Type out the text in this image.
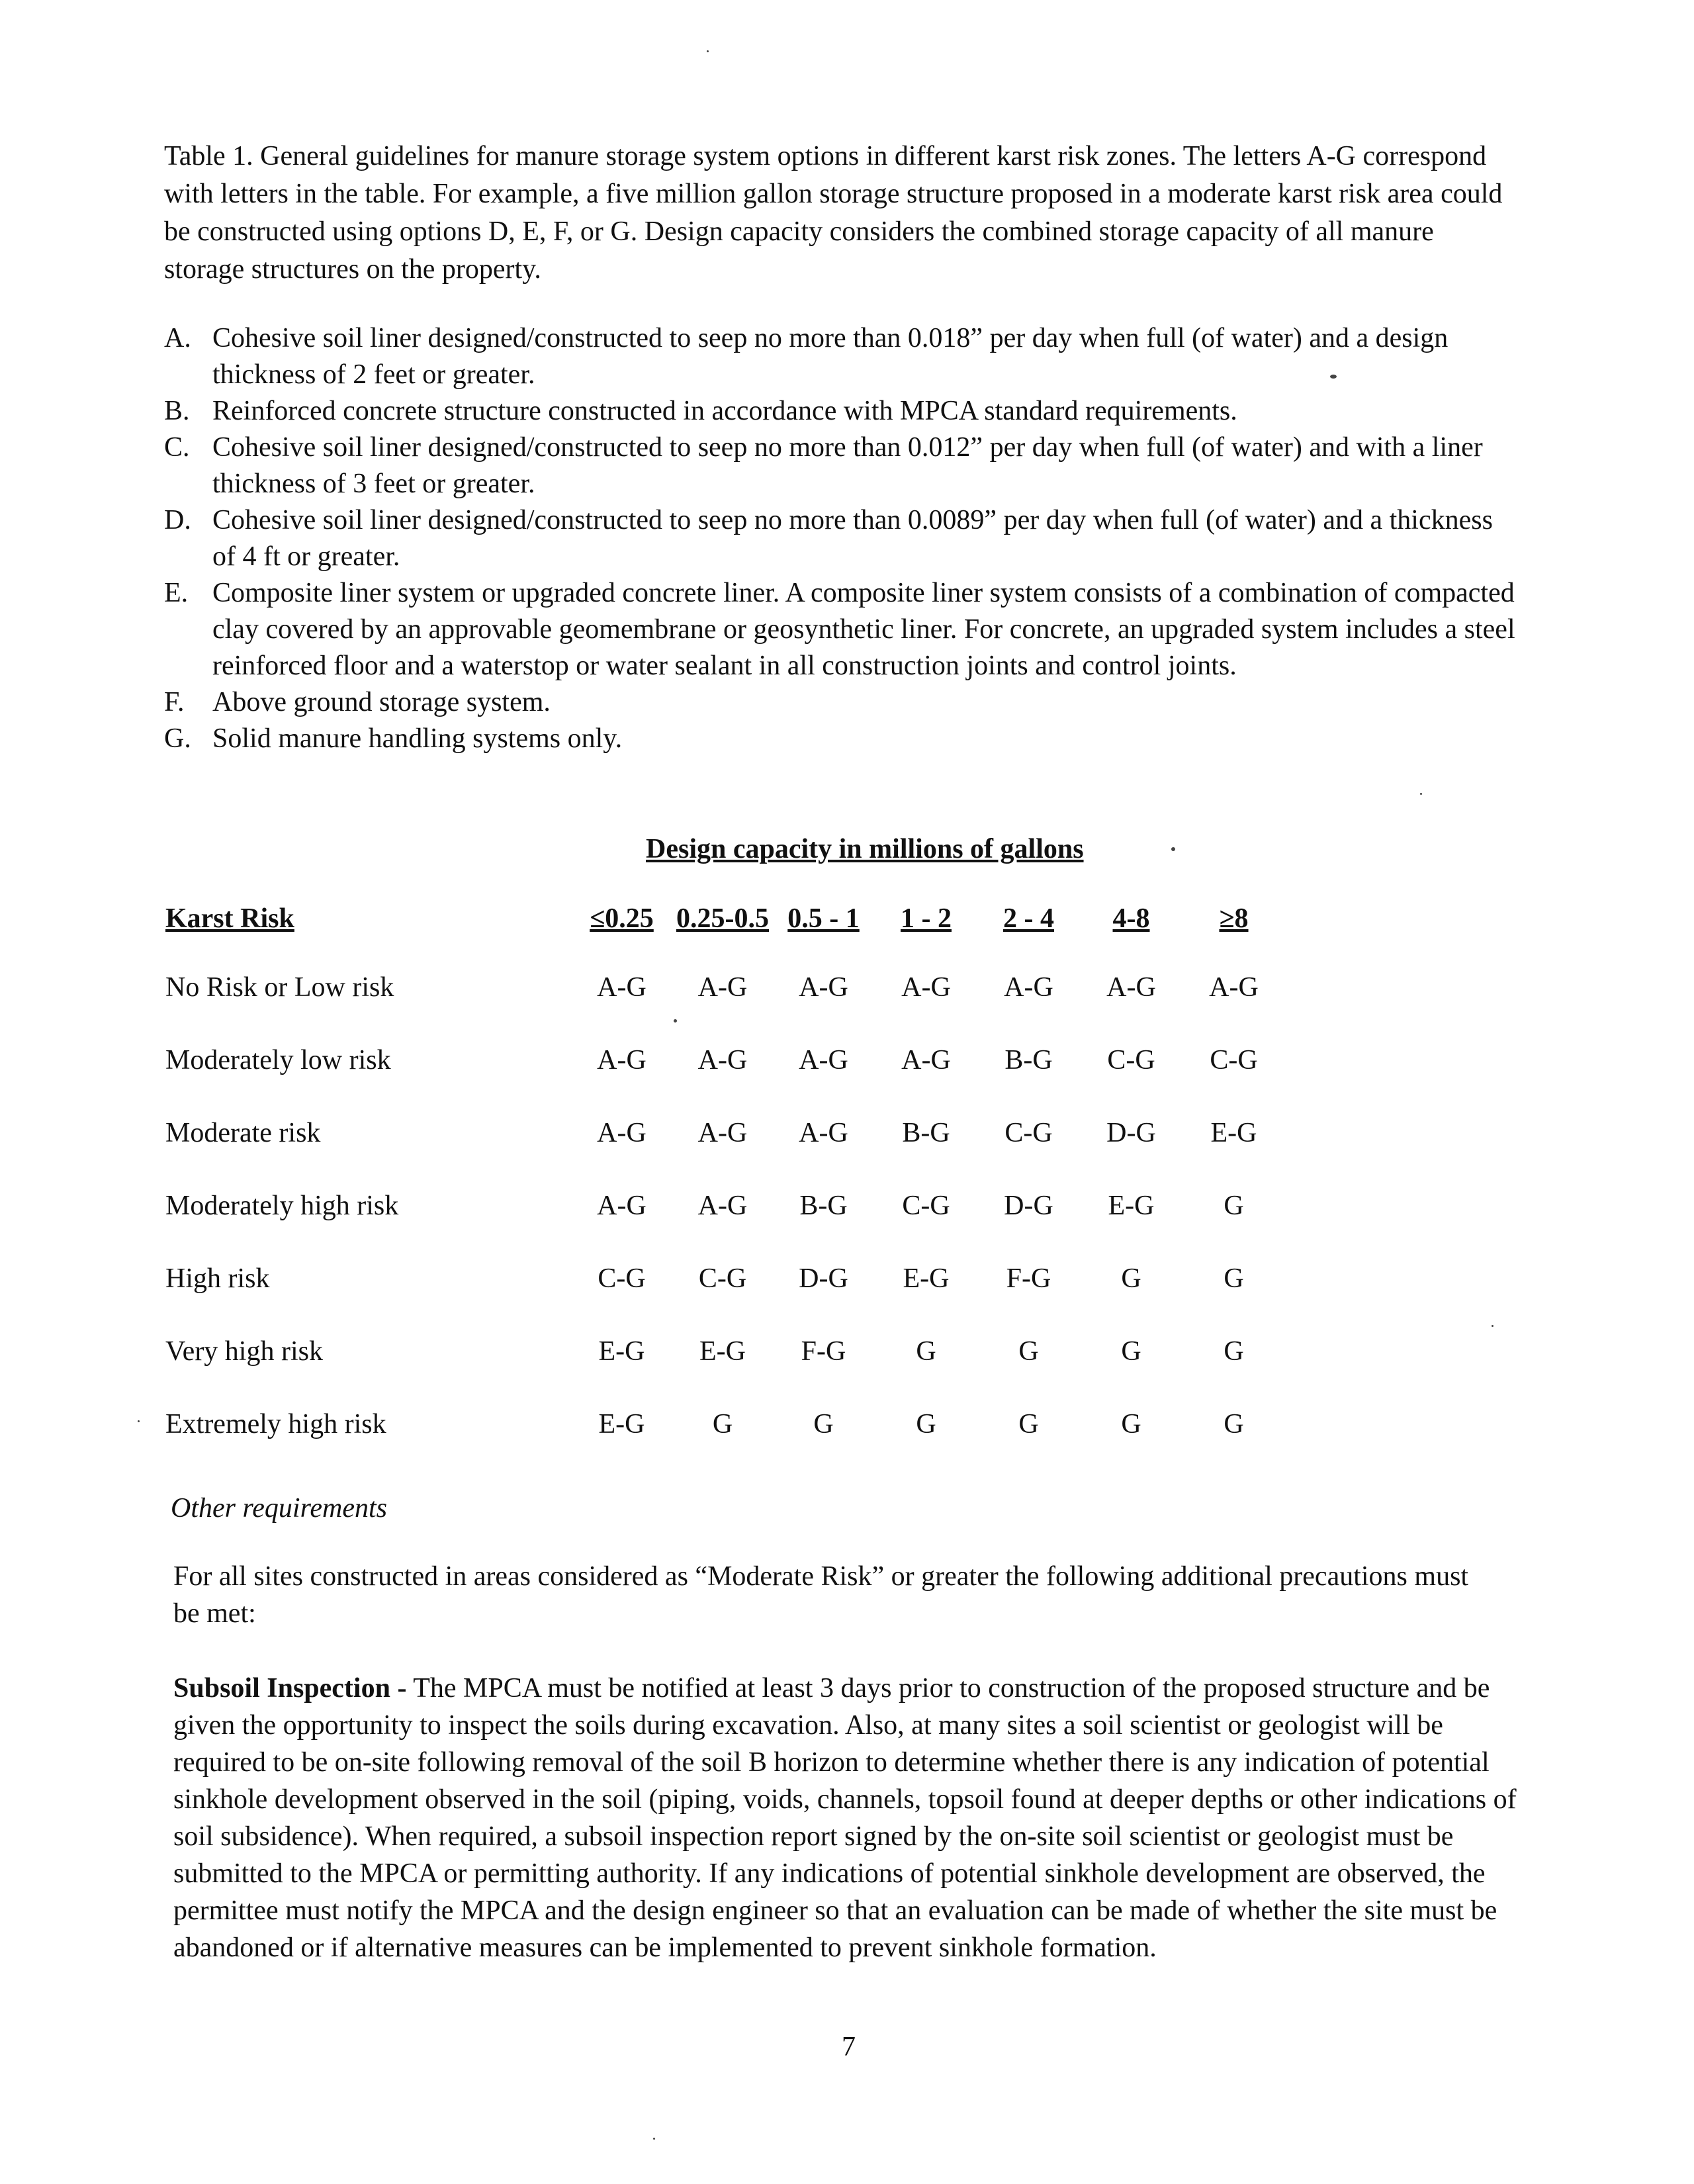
Table 1. General guidelines for manure storage system options in different karst risk zones. The letters A-G correspond with letters in the table. For example, a five million gallon storage structure proposed in a moderate karst risk area could be constructed using options D, E, F, or G. Design capacity considers the combined storage capacity of all manure storage structures on the property.

A. Cohesive soil liner designed/constructed to seep no more than 0.018” per day when full (of water) and a design thickness of 2 feet or greater.
B. Reinforced concrete structure constructed in accordance with MPCA standard requirements.
C. Cohesive soil liner designed/constructed to seep no more than 0.012” per day when full (of water) and with a liner thickness of 3 feet or greater.
D. Cohesive soil liner designed/constructed to seep no more than 0.0089” per day when full (of water) and a thickness of 4 ft or greater.
E. Composite liner system or upgraded concrete liner. A composite liner system consists of a combination of compacted clay covered by an approvable geomembrane or geosynthetic liner. For concrete, an upgraded system includes a steel reinforced floor and a waterstop or water sealant in all construction joints and control joints.
F. Above ground storage system.
G. Solid manure handling systems only.
Design capacity in millions of gallons
Karst Risk	≤0.25	0.25-0.5	0.5 - 1	1 - 2	2 - 4	4-8	≥8
No Risk or Low risk	A-G	A-G	A-G	A-G	A-G	A-G	A-G
Moderately low risk	A-G	A-G	A-G	A-G	B-G	C-G	C-G
Moderate risk	A-G	A-G	A-G	B-G	C-G	D-G	E-G
Moderately high risk	A-G	A-G	B-G	C-G	D-G	E-G	G
High risk	C-G	C-G	D-G	E-G	F-G	G	G
Very high risk	E-G	E-G	F-G	G	G	G	G
Extremely high risk	E-G	G	G	G	G	G	G
Other requirements

For all sites constructed in areas considered as “Moderate Risk” or greater the following additional precautions must be met:

Subsoil Inspection - The MPCA must be notified at least 3 days prior to construction of the proposed structure and be given the opportunity to inspect the soils during excavation. Also, at many sites a soil scientist or geologist will be required to be on-site following removal of the soil B horizon to determine whether there is any indication of potential sinkhole development observed in the soil (piping, voids, channels, topsoil found at deeper depths or other indications of soil subsidence). When required, a subsoil inspection report signed by the on-site soil scientist or geologist must be submitted to the MPCA or permitting authority. If any indications of potential sinkhole development are observed, the permittee must notify the MPCA and the design engineer so that an evaluation can be made of whether the site must be abandoned or if alternative measures can be implemented to prevent sinkhole formation.

7
